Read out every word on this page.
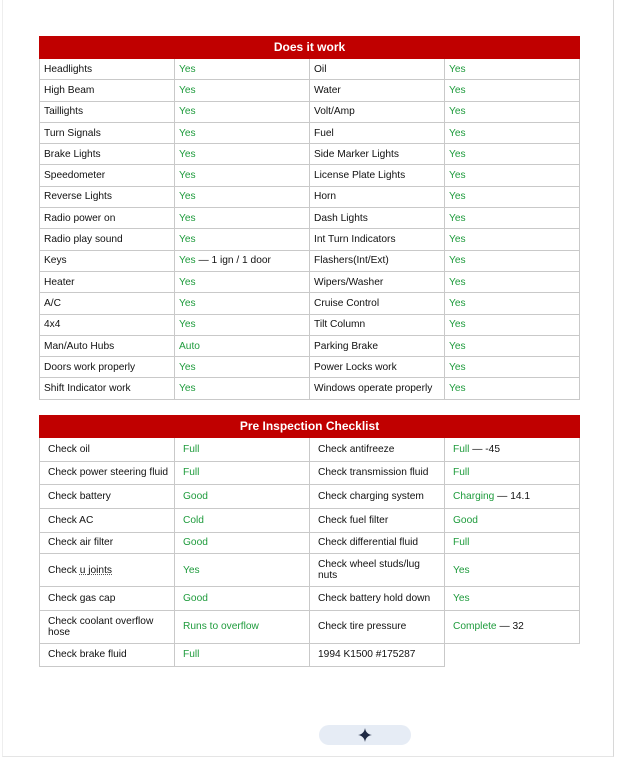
Does it work			
Headlights	Yes	Oil	Yes
High Beam	Yes	Water	Yes
Taillights	Yes	Volt/Amp	Yes
Turn Signals	Yes	Fuel	Yes
Brake Lights	Yes	Side Marker Lights	Yes
Speedometer	Yes	License Plate Lights	Yes
Reverse Lights	Yes	Horn	Yes
Radio power on	Yes	Dash Lights	Yes
Radio play sound	Yes	Int Turn Indicators	Yes
Keys	Yes — 1 ign / 1 door	Flashers(Int/Ext)	Yes
Heater	Yes	Wipers/Washer	Yes
A/C	Yes	Cruise Control	Yes
4x4	Yes	Tilt Column	Yes
Man/Auto Hubs	Auto	Parking Brake	Yes
Doors work properly	Yes	Power Locks work	Yes
Shift Indicator work	Yes	Windows operate properly	Yes
Pre Inspection Checklist			
Check oil	Full	Check antifreeze	Full — -45
Check power steering fluid	Full	Check transmission fluid	Full
Check battery	Good	Check charging system	Charging — 14.1
Check AC	Cold	Check fuel filter	Good
Check air filter	Good	Check differential fluid	Full
Check u joints	Yes	Check wheel studs/lug nuts	Yes
Check gas cap	Good	Check battery hold down	Yes
Check coolant overflow hose	Runs to overflow	Check tire pressure	Complete — 32
Check brake fluid	Full	1994 K1500 #175287	
